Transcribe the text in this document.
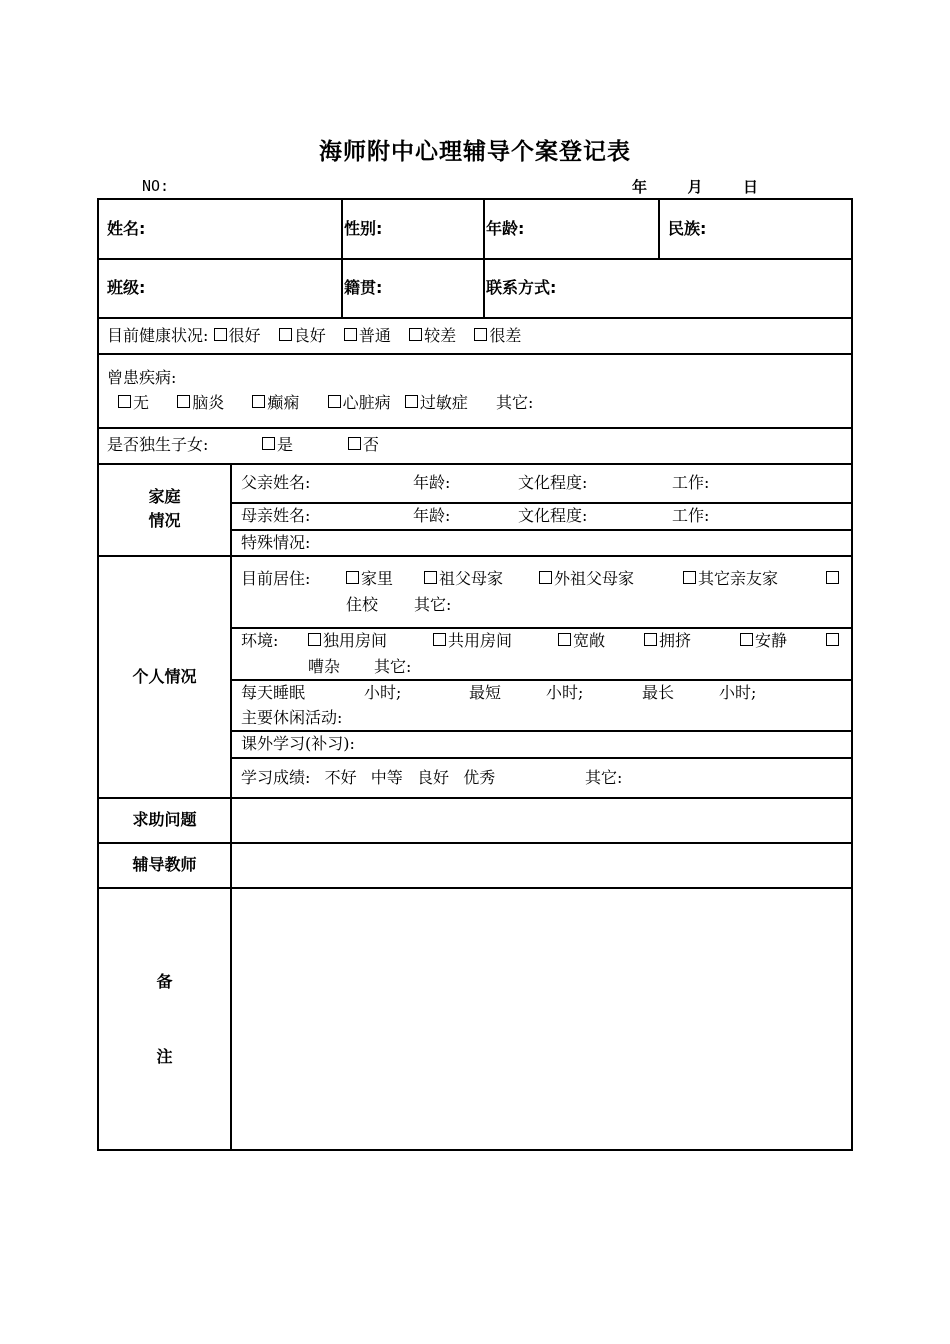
海师附中心理辅导个案登记表
NO:	年	月	日
姓名:	性别:	年龄:	民族:
班级:	籍贯:	联系方式:
目前健康状况: 很好 良好 普通 较差 很差
曾患疾病:
无	脑炎	癫痫	心脏病 过敏症 其它:
是否独生子女:	是	否
家庭
情况
父亲姓名:	年龄:	文化程度:	工作:
母亲姓名:	年龄:	文化程度:	工作:
特殊情况:
个人情况
目前居住:	家里	祖父母家	外祖父母家	其它亲友家
住校 其它:
环境:	独用房间	共用房间	宽敞	拥挤	安静
嘈杂 其它:
每天睡眠	小时;	最短	小时;	最长	小时;
主要休闲活动:
课外学习(补习):
学习成绩: 不好 中等 良好 优秀	其它:
求助问题
辅导教师
备
注
